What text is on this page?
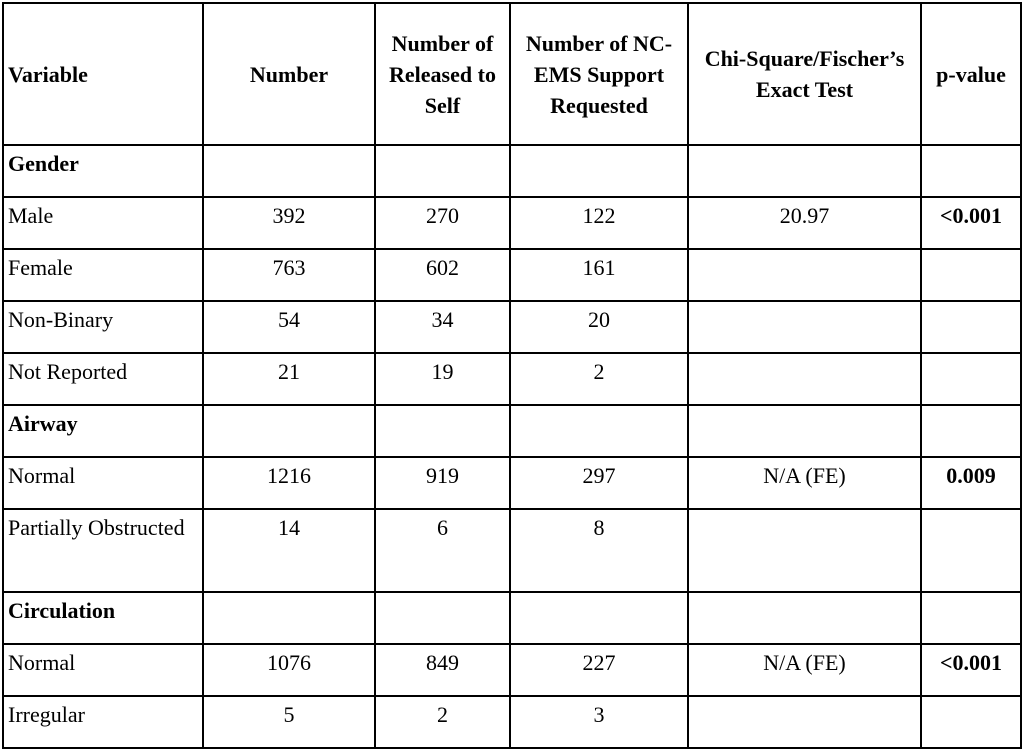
Variable	Number	Number of Released to Self	Number of NC-EMS Support Requested	Chi-Square/Fischer’s Exact Test	p-value
Gender					
Male	392	270	122	20.97	<0.001
Female	763	602	161		
Non-Binary	54	34	20		
Not Reported	21	19	2		
Airway					
Normal	1216	919	297	N/A (FE)	0.009
Partially Obstructed	14	6	8		
Circulation					
Normal	1076	849	227	N/A (FE)	<0.001
Irregular	5	2	3		
